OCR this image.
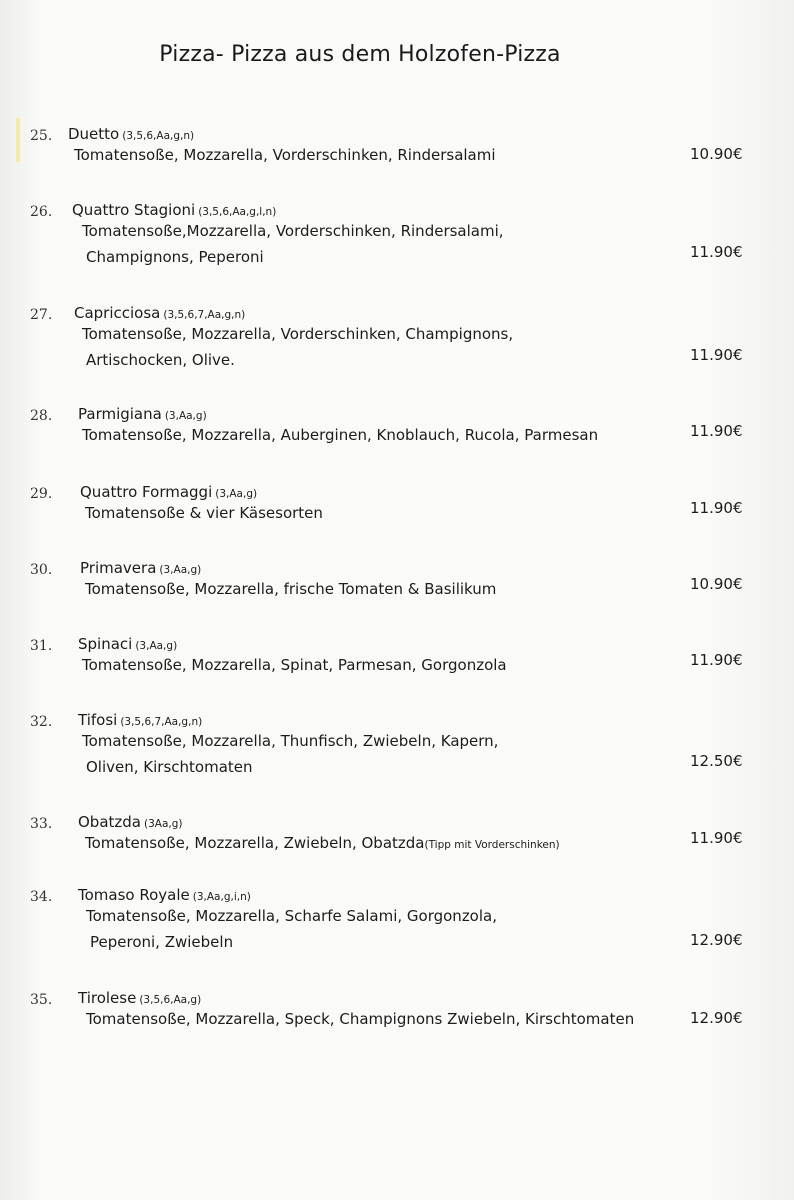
Pizza- Pizza aus dem Holzofen-Pizza
25. Duetto (3,5,6,Aa,g,n)
Tomatensoße, Mozzarella, Vorderschinken, Rindersalami	10.90€
26. Quattro Stagioni (3,5,6,Aa,g,l,n)
Tomatensoße,Mozzarella, Vorderschinken, Rindersalami,
Champignons, Peperoni	11.90€
27. Capricciosa (3,5,6,7,Aa,g,n)
Tomatensoße, Mozzarella, Vorderschinken, Champignons,
Artischocken, Olive.	11.90€
28. Parmigiana (3,Aa,g)
Tomatensoße, Mozzarella, Auberginen, Knoblauch, Rucola, Parmesan	11.90€
29. Quattro Formaggi (3,Aa,g)
Tomatensoße & vier Käsesorten	11.90€
30. Primavera (3,Aa,g)
Tomatensoße, Mozzarella, frische Tomaten & Basilikum	10.90€
31. Spinaci (3,Aa,g)
Tomatensoße, Mozzarella, Spinat, Parmesan, Gorgonzola	11.90€
32. Tifosi (3,5,6,7,Aa,g,n)
Tomatensoße, Mozzarella, Thunfisch, Zwiebeln, Kapern,
Oliven, Kirschtomaten	12.50€
33. Obatzda (3Aa,g)
Tomatensoße, Mozzarella, Zwiebeln, Obatzda(Tipp mit Vorderschinken)	11.90€
34. Tomaso Royale (3,Aa,g,i,n)
Tomatensoße, Mozzarella, Scharfe Salami, Gorgonzola,
Peperoni, Zwiebeln	12.90€
35. Tirolese (3,5,6,Aa,g)
Tomatensoße, Mozzarella, Speck, Champignons Zwiebeln, Kirschtomaten	12.90€
